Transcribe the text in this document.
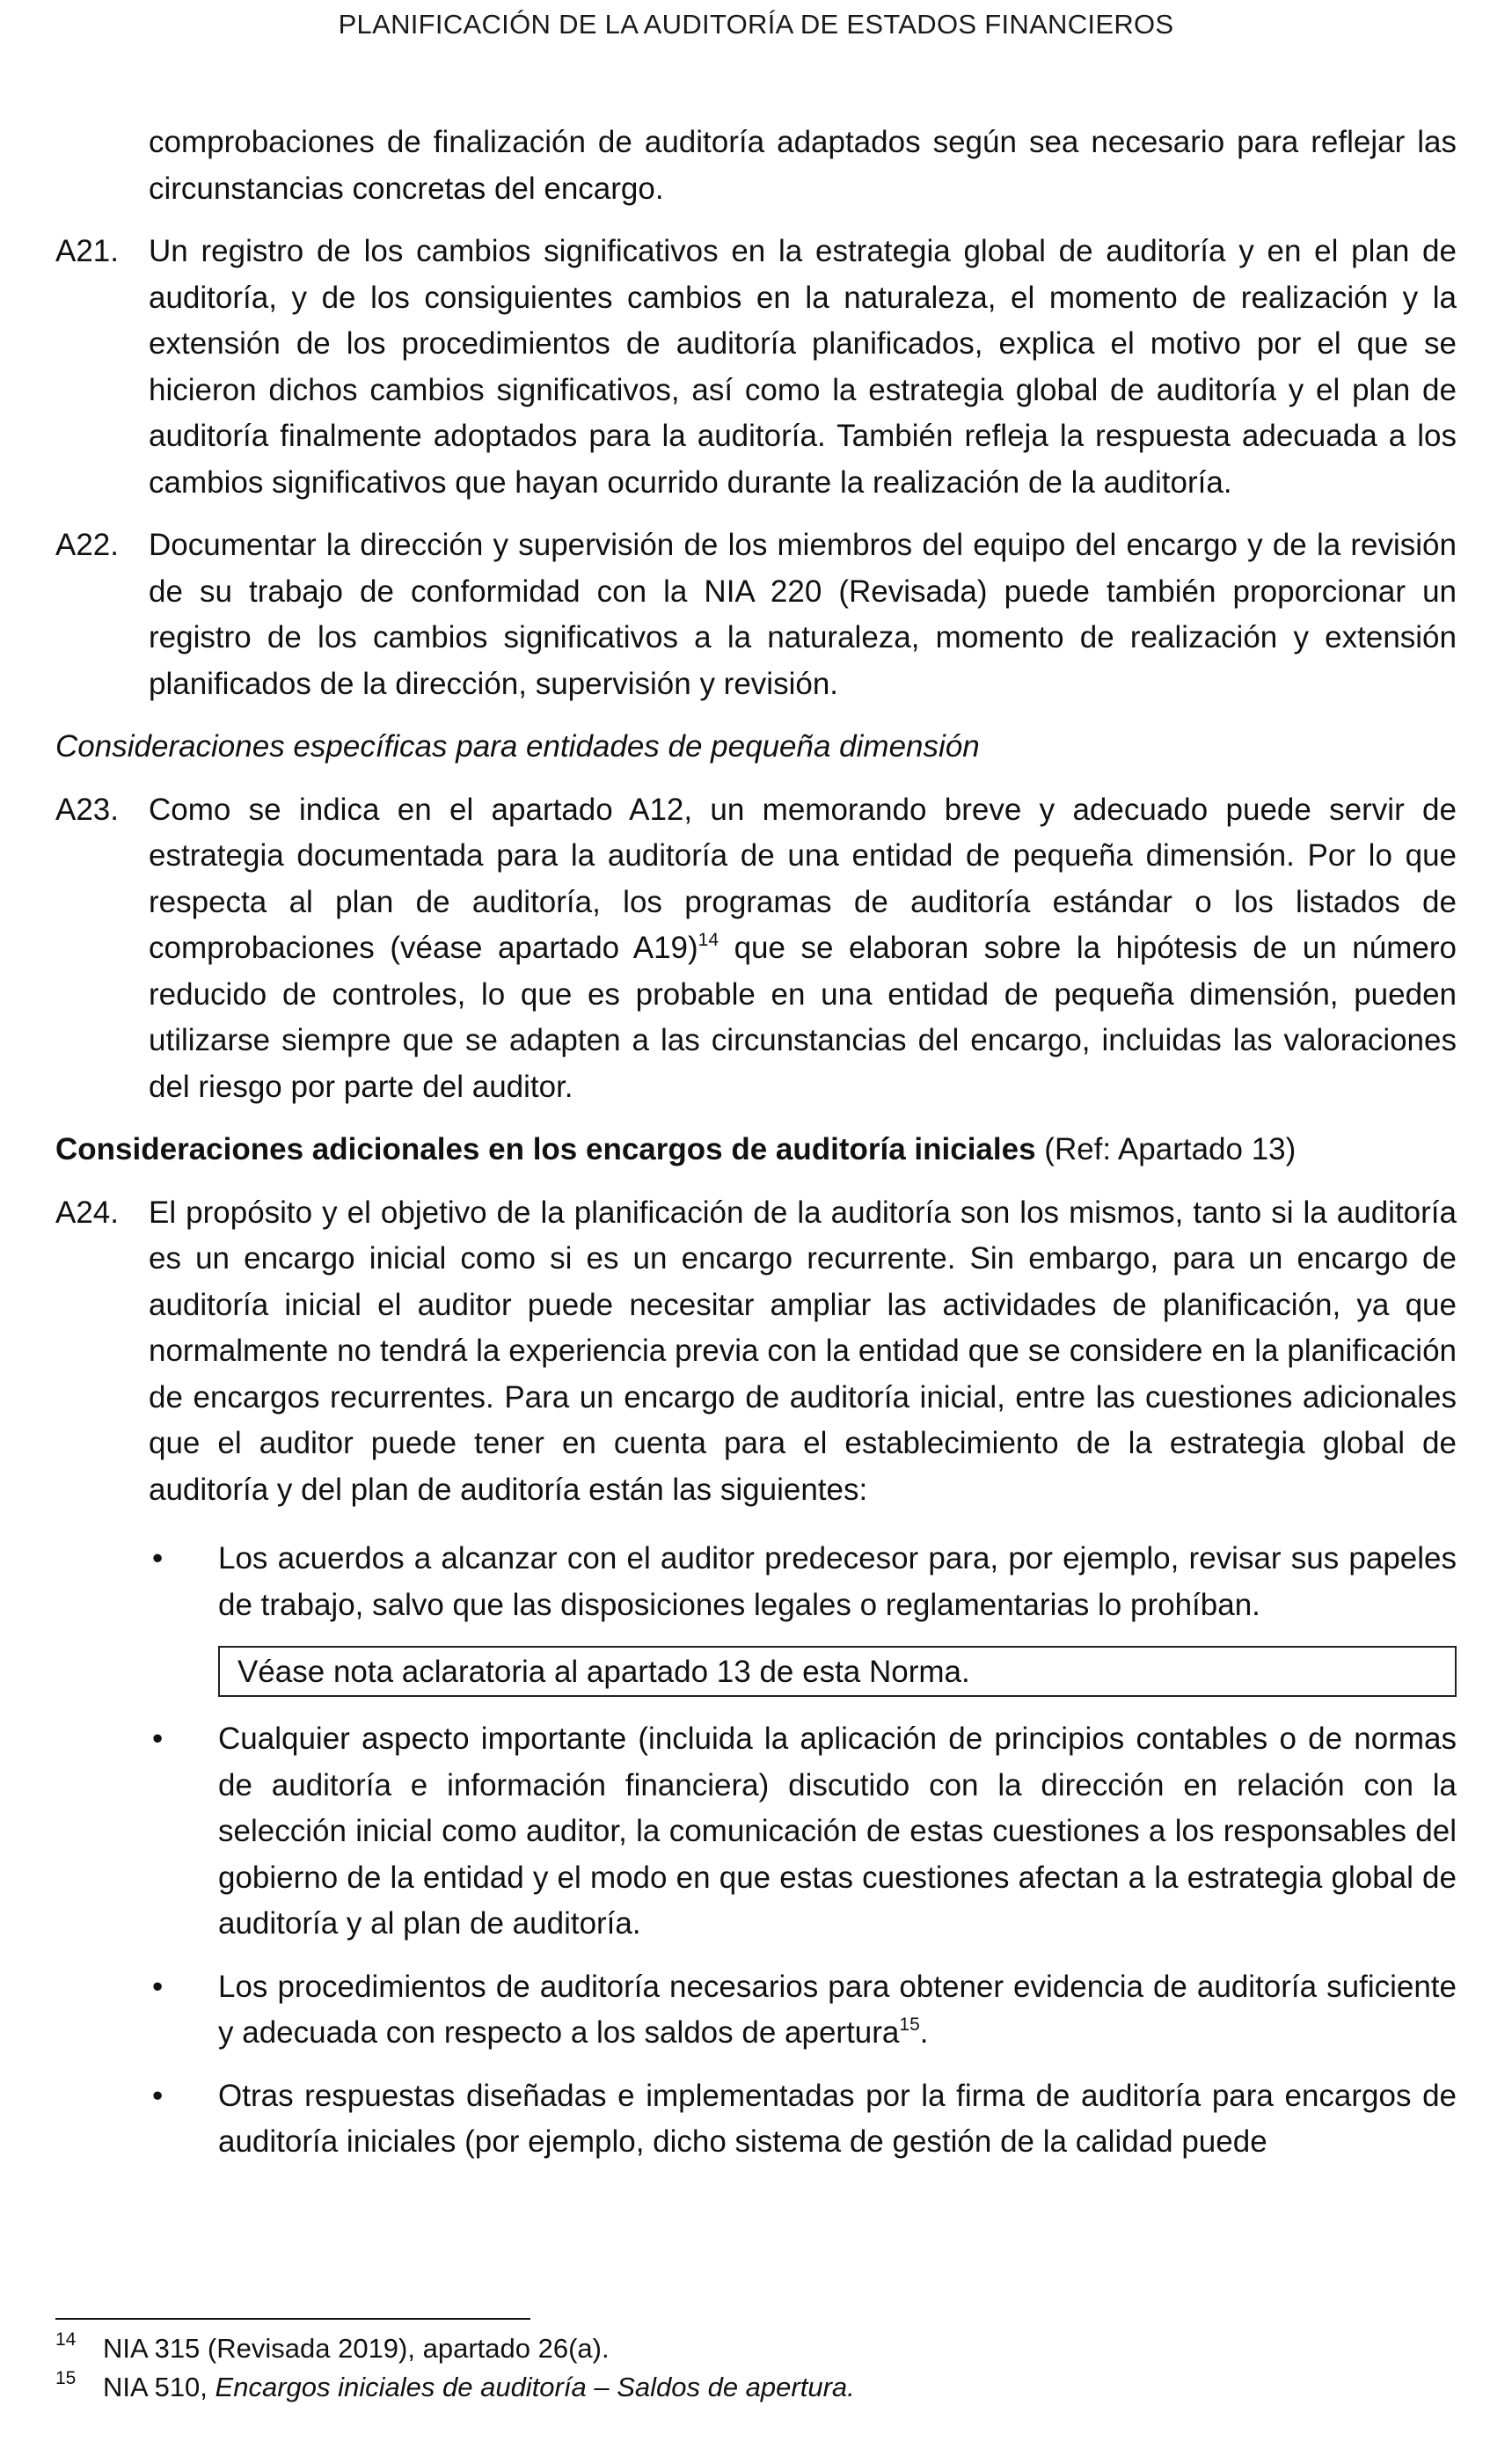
PLANIFICACIÓN DE LA AUDITORÍA DE ESTADOS FINANCIEROS

comprobaciones de finalización de auditoría adaptados según sea necesario para reflejar las circunstancias concretas del encargo.

A21. Un registro de los cambios significativos en la estrategia global de auditoría y en el plan de auditoría, y de los consiguientes cambios en la naturaleza, el momento de realización y la extensión de los procedimientos de auditoría planificados, explica el motivo por el que se hicieron dichos cambios significativos, así como la estrategia global de auditoría y el plan de auditoría finalmente adoptados para la auditoría. También refleja la respuesta adecuada a los cambios significativos que hayan ocurrido durante la realización de la auditoría.

A22. Documentar la dirección y supervisión de los miembros del equipo del encargo y de la revisión de su trabajo de conformidad con la NIA 220 (Revisada) puede también proporcionar un registro de los cambios significativos a la naturaleza, momento de realización y extensión planificados de la dirección, supervisión y revisión.

Consideraciones específicas para entidades de pequeña dimensión

A23. Como se indica en el apartado A12, un memorando breve y adecuado puede servir de estrategia documentada para la auditoría de una entidad de pequeña dimensión. Por lo que respecta al plan de auditoría, los programas de auditoría estándar o los listados de comprobaciones (véase apartado A19)$^{14}$ que se elaboran sobre la hipótesis de un número reducido de controles, lo que es probable en una entidad de pequeña dimensión, pueden utilizarse siempre que se adapten a las circunstancias del encargo, incluidas las valoraciones del riesgo por parte del auditor.

Consideraciones adicionales en los encargos de auditoría iniciales (Ref: Apartado 13)

A24. El propósito y el objetivo de la planificación de la auditoría son los mismos, tanto si la auditoría es un encargo inicial como si es un encargo recurrente. Sin embargo, para un encargo de auditoría inicial el auditor puede necesitar ampliar las actividades de planificación, ya que normalmente no tendrá la experiencia previa con la entidad que se considere en la planificación de encargos recurrentes. Para un encargo de auditoría inicial, entre las cuestiones adicionales que el auditor puede tener en cuenta para el establecimiento de la estrategia global de auditoría y del plan de auditoría están las siguientes:

• Los acuerdos a alcanzar con el auditor predecesor para, por ejemplo, revisar sus papeles de trabajo, salvo que las disposiciones legales o reglamentarias lo prohíban.

Véase nota aclaratoria al apartado 13 de esta Norma.
• Cualquier aspecto importante (incluida la aplicación de principios contables o de normas de auditoría e información financiera) discutido con la dirección en relación con la selección inicial como auditor, la comunicación de estas cuestiones a los responsables del gobierno de la entidad y el modo en que estas cuestiones afectan a la estrategia global de auditoría y al plan de auditoría.

• Los procedimientos de auditoría necesarios para obtener evidencia de auditoría suficiente y adecuada con respecto a los saldos de apertura$^{15}$.

• Otras respuestas diseñadas e implementadas por la firma de auditoría para encargos de auditoría iniciales (por ejemplo, dicho sistema de gestión de la calidad puede

14 NIA 315 (Revisada 2019), apartado 26(a).
15 NIA 510, Encargos iniciales de auditoría – Saldos de apertura.
